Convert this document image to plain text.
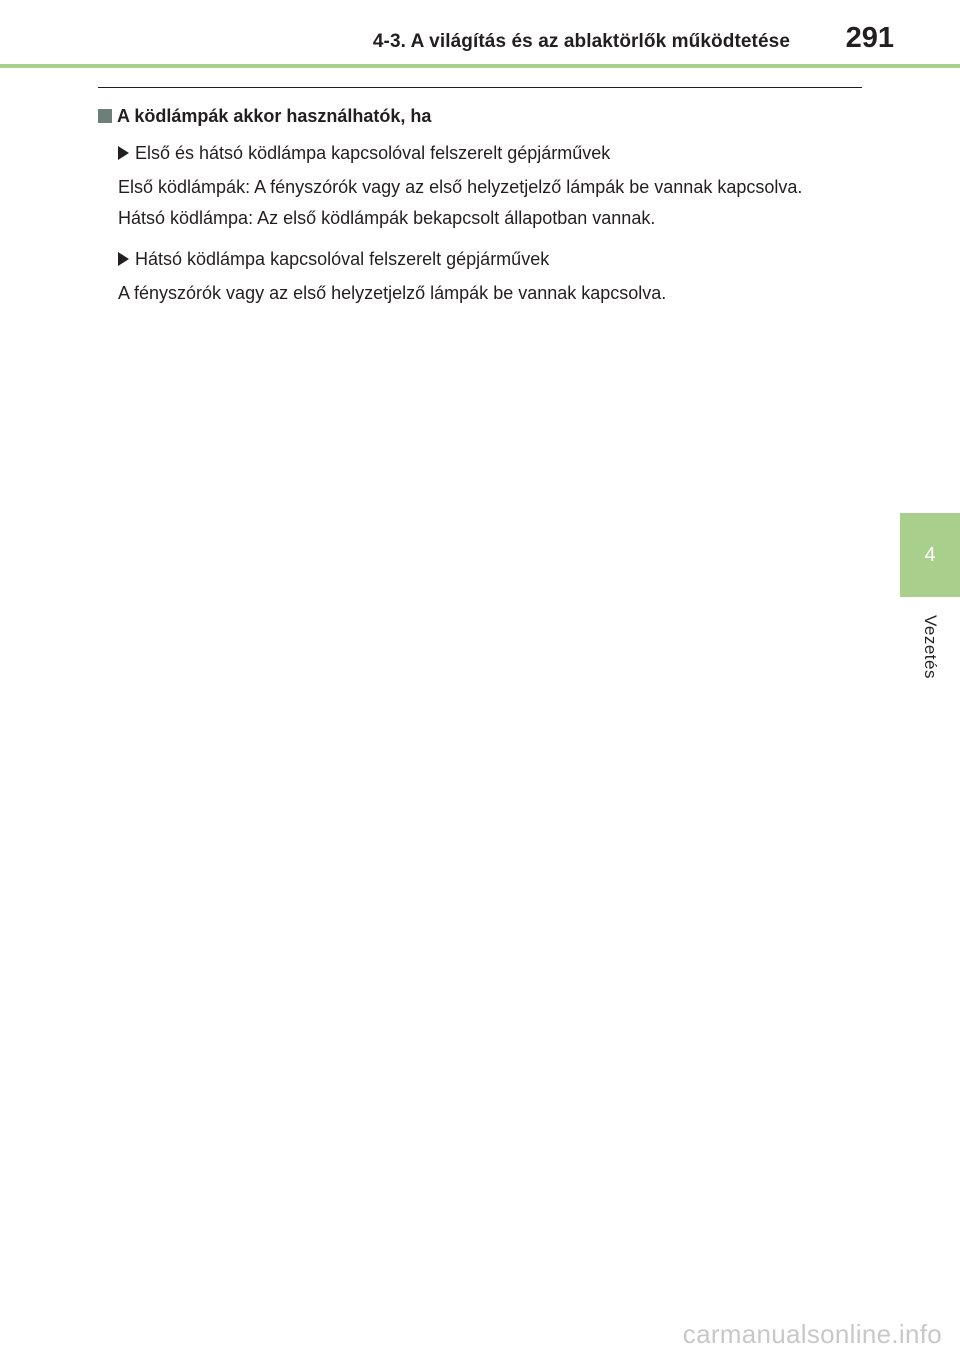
4-3. A világítás és az ablaktörlők működtetése 291
4
Vezetés
A ködlámpák akkor használhatók, ha
Első és hátsó ködlámpa kapcsolóval felszerelt gépjárművek
Első ködlámpák: A fényszórók vagy az első helyzetjelző lámpák be vannak kapcsolva.
Hátsó ködlámpa: Az első ködlámpák bekapcsolt állapotban vannak.
Hátsó ködlámpa kapcsolóval felszerelt gépjárművek
A fényszórók vagy az első helyzetjelző lámpák be vannak kapcsolva.
carmanualsonline.info
